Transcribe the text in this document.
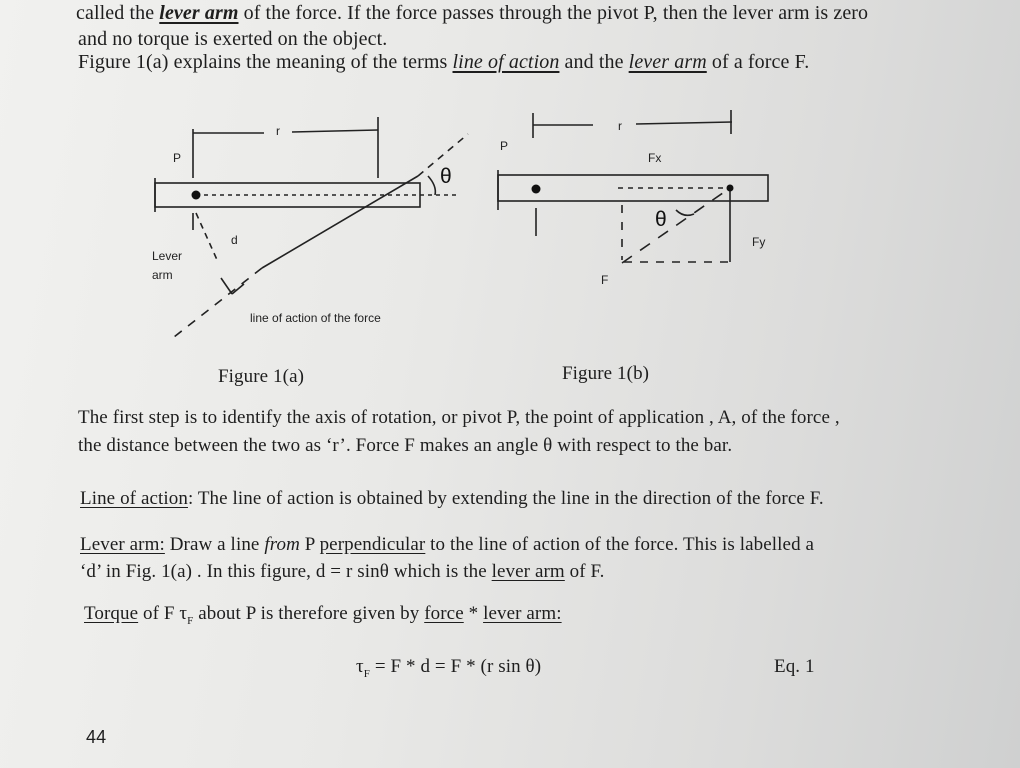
called the lever arm of the force. If the force passes through the pivot P, then the lever arm is zero
and no torque is exerted on the object.
Figure 1(a) explains the meaning of the terms line of action and the lever arm of a force F.
r
P
θ
d
Lever
arm
line of action of the force
r
P
Fx
Fy
F
θ
Figure 1(a)	Figure 1(b)
The first step is to identify the axis of rotation, or pivot P, the point of application , A, of the force ,
the distance between the two as ‘r’. Force F makes an angle θ with respect to the bar.
Line of action: The line of action is obtained by extending the line in the direction of the force F.
Lever arm: Draw a line from P perpendicular to the line of action of the force. This is labelled a
‘d’ in Fig. 1(a) . In this figure, d = r sinθ which is the lever arm of F.
Torque of F $\tau_F$ about P is therefore given by force * lever arm:
$\tau_F = F * d = F * (r$ sin θ)	Eq. 1
44
